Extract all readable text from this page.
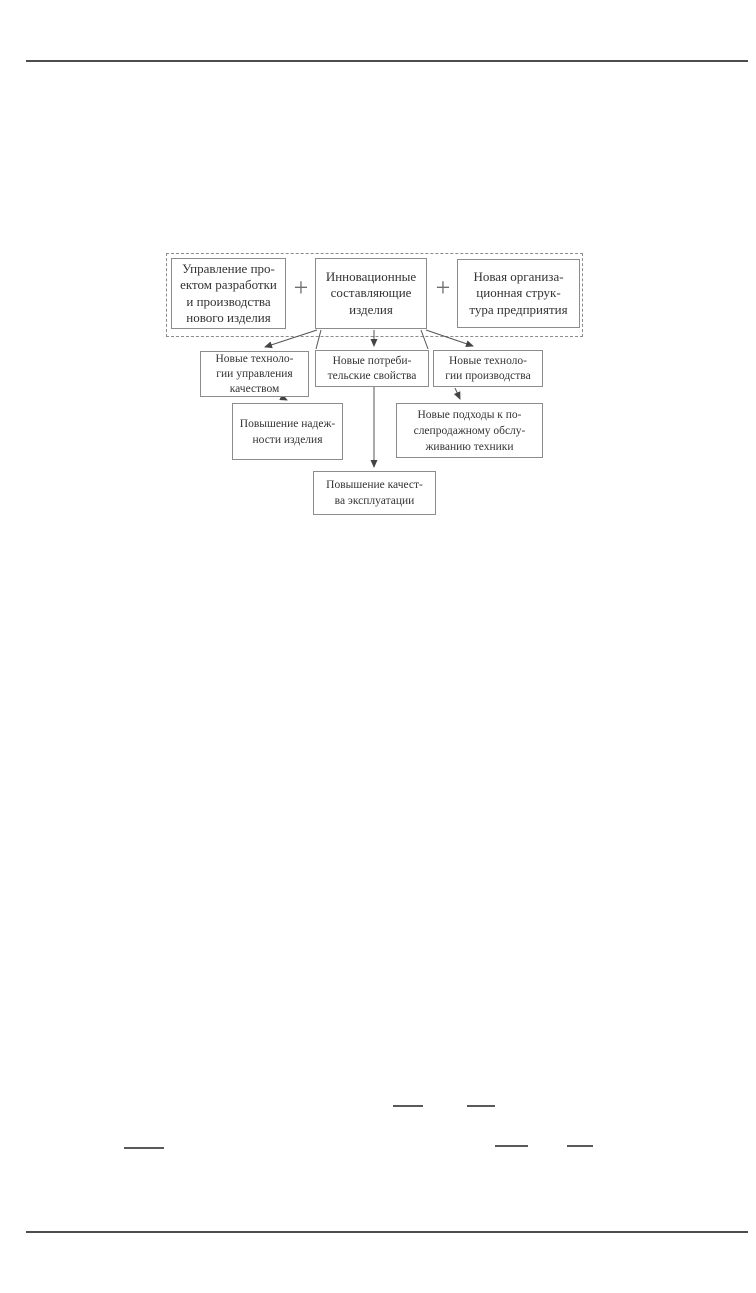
Управление про-
ектом разработки
и производства
нового изделия
+	Инновационные
составляющие
изделия
+	Новая организа-
ционная струк-
тура предприятия
Новые техноло-
гии управления
качеством
Новые потреби-
тельские свойства
Новые техноло-
гии производства
Повышение надеж-
ности изделия
Новые подходы к по-
слепродажному обслу-
живанию техники
Повышение качест-
ва эксплуатации
